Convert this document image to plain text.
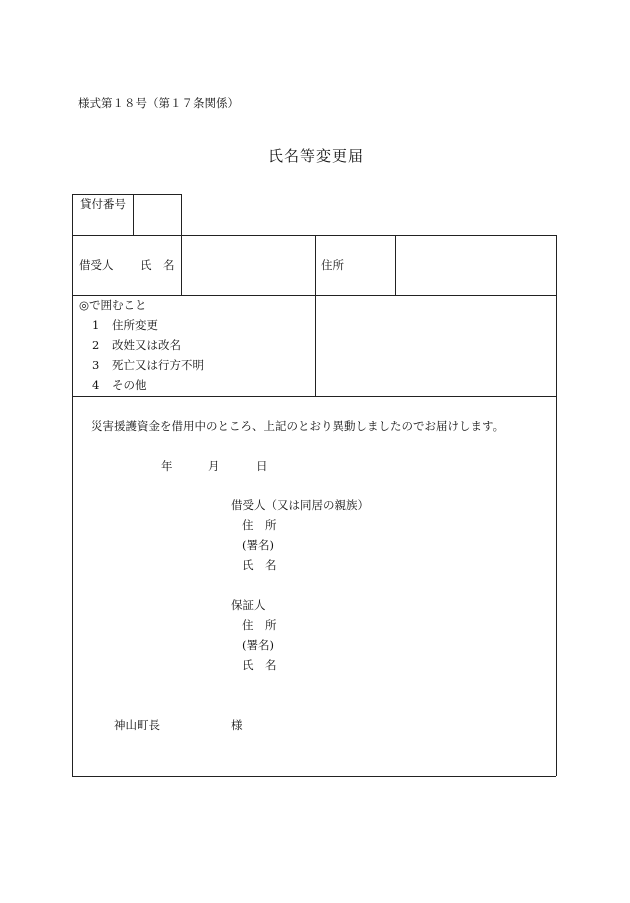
様式第１８号（第１７条関係）
氏名等変更届
貸付番号
借受人 氏　名	住所
◎で囲むこと
1 住所変更
2 改姓又は改名
3 死亡又は行方不明
4 その他
災害援護資金を借用中のところ、上記のとおり異動しましたのでお届けします。
年	月	日
借受人（又は同居の親族）
住　所
(署名)
氏　名
保証人
住　所
(署名)
氏　名
神山町長	様
